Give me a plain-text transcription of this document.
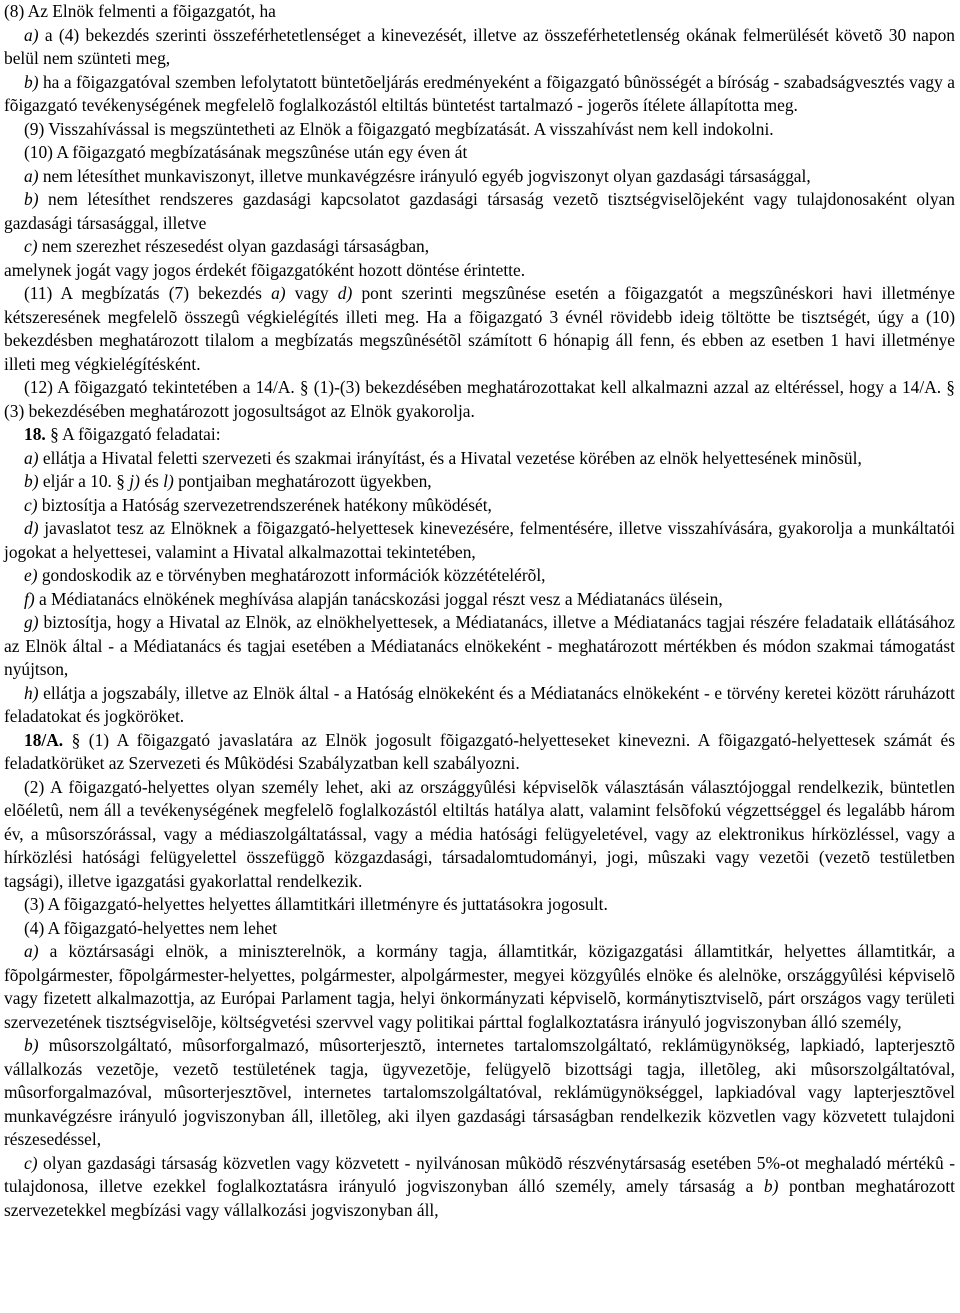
(8) Az Elnök felmenti a fõigazgatót, ha

a) a (4) bekezdés szerinti összeférhetetlenséget a kinevezését, illetve az összeférhetetlenség okának felmerülését követõ 30 napon belül nem szünteti meg,

b) ha a fõigazgatóval szemben lefolytatott büntetõeljárás eredményeként a fõigazgató bûnösségét a bíróság - szabadságvesztés vagy a fõigazgató tevékenységének megfelelõ foglalkozástól eltiltás büntetést tartalmazó - jogerõs ítélete állapította meg.

(9) Visszahívással is megszüntetheti az Elnök a fõigazgató megbízatását. A visszahívást nem kell indokolni.

(10) A fõigazgató megbízatásának megszûnése után egy éven át

a) nem létesíthet munkaviszonyt, illetve munkavégzésre irányuló egyéb jogviszonyt olyan gazdasági társasággal,

b) nem létesíthet rendszeres gazdasági kapcsolatot gazdasági társaság vezetõ tisztségviselõjeként vagy tulajdonosaként olyan gazdasági társasággal, illetve

c) nem szerezhet részesedést olyan gazdasági társaságban,

amelynek jogát vagy jogos érdekét fõigazgatóként hozott döntése érintette.

(11) A megbízatás (7) bekezdés a) vagy d) pont szerinti megszûnése esetén a fõigazgatót a megszûnéskori havi illetménye kétszeresének megfelelõ összegû végkielégítés illeti meg. Ha a fõigazgató 3 évnél rövidebb ideig töltötte be tisztségét, úgy a (10) bekezdésben meghatározott tilalom a megbízatás megszûnésétõl számított 6 hónapig áll fenn, és ebben az esetben 1 havi illetménye illeti meg végkielégítésként.

(12) A fõigazgató tekintetében a 14/A. § (1)-(3) bekezdésében meghatározottakat kell alkalmazni azzal az eltéréssel, hogy a 14/A. § (3) bekezdésében meghatározott jogosultságot az Elnök gyakorolja.

18. § A fõigazgató feladatai:

a) ellátja a Hivatal feletti szervezeti és szakmai irányítást, és a Hivatal vezetése körében az elnök helyettesének minõsül,

b) eljár a 10. § j) és l) pontjaiban meghatározott ügyekben,

c) biztosítja a Hatóság szervezetrendszerének hatékony mûködését,

d) javaslatot tesz az Elnöknek a fõigazgató-helyettesek kinevezésére, felmentésére, illetve visszahívására, gyakorolja a munkáltatói jogokat a helyettesei, valamint a Hivatal alkalmazottai tekintetében,

e) gondoskodik az e törvényben meghatározott információk közzétételérõl,

f) a Médiatanács elnökének meghívása alapján tanácskozási joggal részt vesz a Médiatanács ülésein,

g) biztosítja, hogy a Hivatal az Elnök, az elnökhelyettesek, a Médiatanács, illetve a Médiatanács tagjai részére feladataik ellátásához az Elnök által - a Médiatanács és tagjai esetében a Médiatanács elnökeként - meghatározott mértékben és módon szakmai támogatást nyújtson,

h) ellátja a jogszabály, illetve az Elnök által - a Hatóság elnökeként és a Médiatanács elnökeként - e törvény keretei között ráruházott feladatokat és jogköröket.

18/A. § (1) A fõigazgató javaslatára az Elnök jogosult fõigazgató-helyetteseket kinevezni. A fõigazgató-helyettesek számát és feladatkörüket az Szervezeti és Mûködési Szabályzatban kell szabályozni.

(2) A fõigazgató-helyettes olyan személy lehet, aki az országgyûlési képviselõk választásán választójoggal rendelkezik, büntetlen elõéletû, nem áll a tevékenységének megfelelõ foglalkozástól eltiltás hatálya alatt, valamint felsõfokú végzettséggel és legalább három év, a mûsorszórással, vagy a médiaszolgáltatással, vagy a média hatósági felügyeletével, vagy az elektronikus hírközléssel, vagy a hírközlési hatósági felügyelettel összefüggõ közgazdasági, társadalomtudományi, jogi, mûszaki vagy vezetõi (vezetõ testületben tagsági), illetve igazgatási gyakorlattal rendelkezik.

(3) A fõigazgató-helyettes helyettes államtitkári illetményre és juttatásokra jogosult.

(4) A fõigazgató-helyettes nem lehet

a) a köztársasági elnök, a miniszterelnök, a kormány tagja, államtitkár, közigazgatási államtitkár, helyettes államtitkár, a fõpolgármester, fõpolgármester-helyettes, polgármester, alpolgármester, megyei közgyûlés elnöke és alelnöke, országgyûlési képviselõ vagy fizetett alkalmazottja, az Európai Parlament tagja, helyi önkormányzati képviselõ, kormánytisztviselõ, párt országos vagy területi szervezetének tisztségviselõje, költségvetési szervvel vagy politikai párttal foglalkoztatásra irányuló jogviszonyban álló személy,

b) mûsorszolgáltató, mûsorforgalmazó, mûsorterjesztõ, internetes tartalomszolgáltató, reklámügynökség, lapkiadó, lapterjesztõ vállalkozás vezetõje, vezetõ testületének tagja, ügyvezetõje, felügyelõ bizottsági tagja, illetõleg, aki mûsorszolgáltatóval, mûsorforgalmazóval, mûsorterjesztõvel, internetes tartalomszolgáltatóval, reklámügynökséggel, lapkiadóval vagy lapterjesztõvel munkavégzésre irányuló jogviszonyban áll, illetõleg, aki ilyen gazdasági társaságban rendelkezik közvetlen vagy közvetett tulajdoni részesedéssel,

c) olyan gazdasági társaság közvetlen vagy közvetett - nyilvánosan mûködõ részvénytársaság esetében 5%-ot meghaladó mértékû - tulajdonosa, illetve ezekkel foglalkoztatásra irányuló jogviszonyban álló személy, amely társaság a b) pontban meghatározott szervezetekkel megbízási vagy vállalkozási jogviszonyban áll,
